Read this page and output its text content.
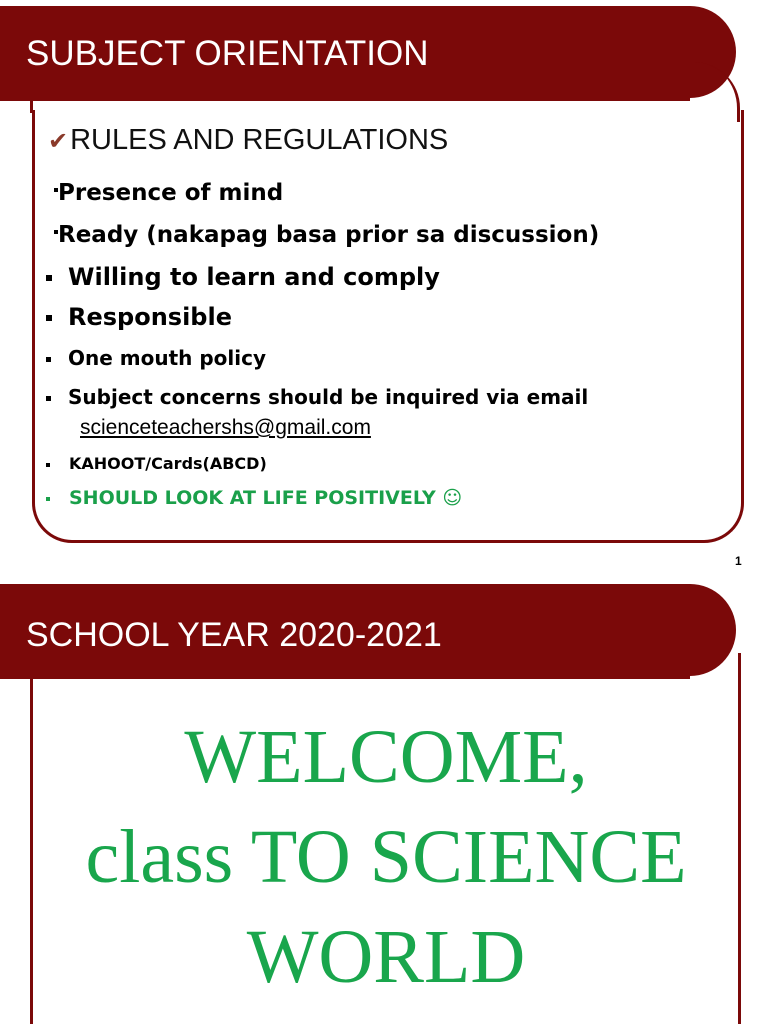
SUBJECT ORIENTATION
✔RULES AND REGULATIONS
Presence of mind
Ready (nakapag basa prior sa discussion)
Willing to learn and comply
Responsible
One mouth policy
Subject concerns should be inquired via email
scienceteachershs@gmail.com
KAHOOT/Cards(ABCD)
SHOULD LOOK AT LIFE POSITIVELY ☺
1
SCHOOL YEAR 2020-2021
WELCOME,
class TO SCIENCE
WORLD
